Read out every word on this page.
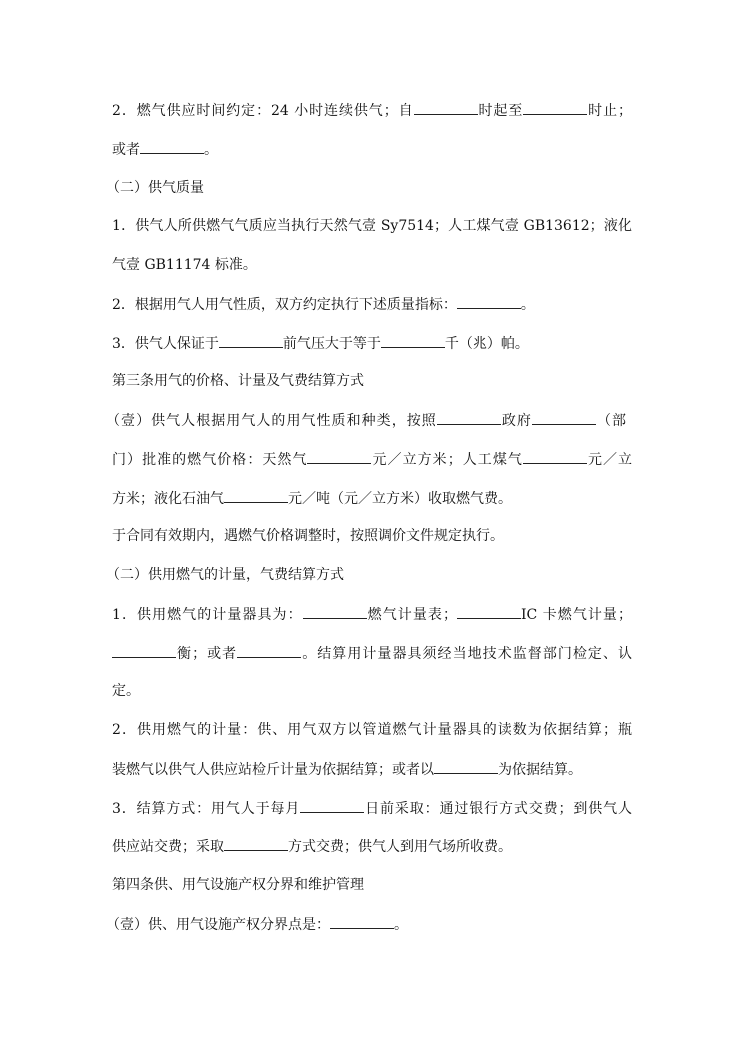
2．燃气供应时间约定：24 小时连续供气；自	时起至	时止；
或者	。
（二）供气质量
1．供气人所供燃气气质应当执行天然气壹 Sy7514；人工煤气壹 GB13612；液化
气壹 GB11174 标准。
2．根据用气人用气性质，双方约定执行下述质量指标：	。
3．供气人保证于	前气压大于等于	千（兆）帕。
第三条用气的价格、计量及气费结算方式
（壹）供气人根据用气人的用气性质和种类，按照	政府	（部
门）批准的燃气价格：天然气	元／立方米；人工煤气	元／立
方米；液化石油气	元／吨（元／立方米）收取燃气费。
于合同有效期内，遇燃气价格调整时，按照调价文件规定执行。
（二）供用燃气的计量，气费结算方式
1．供用燃气的计量器具为：	燃气计量表；	IC 卡燃气计量；
衡；或者	。结算用计量器具须经当地技术监督部门检定、认
定。
2．供用燃气的计量：供、用气双方以管道燃气计量器具的读数为依据结算；瓶
装燃气以供气人供应站检斤计量为依据结算；或者以	为依据结算。
3．结算方式：用气人于每月	日前采取：通过银行方式交费；到供气人
供应站交费；采取	方式交费；供气人到用气场所收费。
第四条供、用气设施产权分界和维护管理
（壹）供、用气设施产权分界点是：	。
